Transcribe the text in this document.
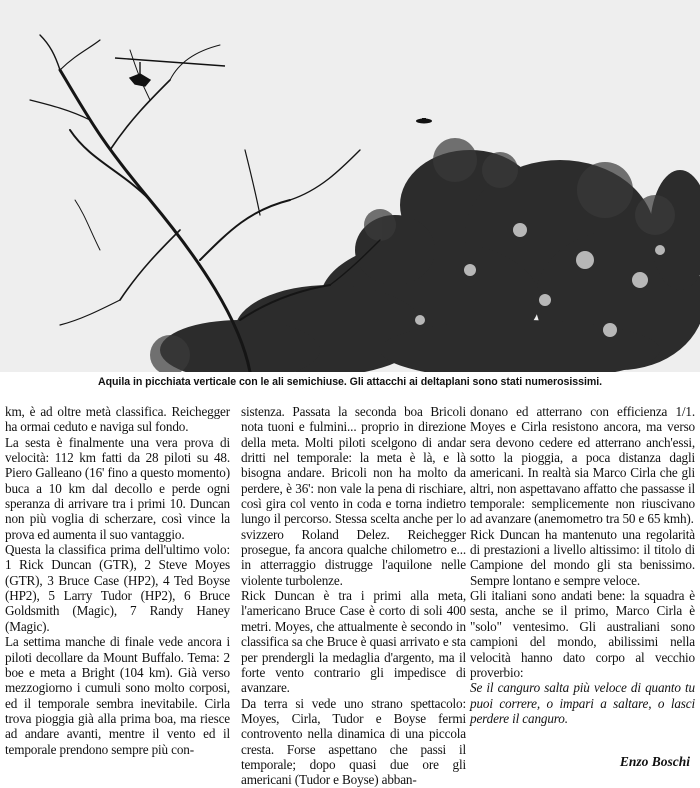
Aquila in picchiata verticale con le ali semichiuse. Gli attacchi ai deltaplani sono stati numerosissimi.

km, è ad oltre metà classifica. Reichegger ha ormai ceduto e naviga sul fondo.

La sesta è finalmente una vera prova di velocità: 112 km fatti da 28 piloti su 48. Piero Galleano (16' fino a questo momento) buca a 10 km dal decollo e perde ogni speranza di arrivare tra i primi 10. Duncan non più voglia di scherzare, così vince la prova ed aumenta il suo vantaggio.

Questa la classifica prima dell'ultimo volo: 1 Rick Duncan (GTR), 2 Steve Moyes (GTR), 3 Bruce Case (HP2), 4 Ted Boyse (HP2), 5 Larry Tudor (HP2), 6 Bruce Goldsmith (Magic), 7 Randy Haney (Magic).

La settima manche di finale vede ancora i piloti decollare da Mount Buffalo. Tema: 2 boe e meta a Bright (104 km). Già verso mezzogiorno i cumuli sono molto corposi, ed il temporale sembra inevitabile. Cirla trova pioggia già alla prima boa, ma riesce ad andare avanti, mentre il vento ed il temporale prendono sempre più con-

sistenza. Passata la seconda boa Bricoli nota tuoni e fulmini... proprio in direzione della meta. Molti piloti scelgono di andar dritti nel temporale: la meta è là, e là bisogna andare. Bricoli non ha molto da perdere, è 36': non vale la pena di rischiare, così gira col vento in coda e torna indietro lungo il percorso. Stessa scelta anche per lo svizzero Roland Delez. Reichegger prosegue, fa ancora qualche chilometro e... in atterraggio distrugge l'aquilone nelle violente turbolenze.

Rick Duncan è tra i primi alla meta, l'americano Bruce Case è corto di soli 400 metri. Moyes, che attualmente è secondo in classifica sa che Bruce è quasi arrivato e sta per prendergli la medaglia d'argento, ma il forte vento contrario gli impedisce di avanzare.

Da terra si vede uno strano spettacolo: Moyes, Cirla, Tudor e Boyse fermi controvento nella dinamica di una piccola cresta. Forse aspettano che passi il temporale; dopo quasi due ore gli americani (Tudor e Boyse) abban-

donano ed atterrano con efficienza 1/1. Moyes e Cirla resistono ancora, ma verso sera devono cedere ed atterrano anch'essi, sotto la pioggia, a poca distanza dagli americani. In realtà sia Marco Cirla che gli altri, non aspettavano affatto che passasse il temporale: semplicemente non riuscivano ad avanzare (anemometro tra 50 e 65 kmh).

Rick Duncan ha mantenuto una regolarità di prestazioni a livello altissimo: il titolo di Campione del mondo gli sta benissimo. Sempre lontano e sempre veloce.

Gli italiani sono andati bene: la squadra è sesta, anche se il primo, Marco Cirla è "solo" ventesimo. Gli australiani sono campioni del mondo, abilissimi nella velocità hanno dato corpo al vecchio proverbio:

Se il canguro salta più veloce di quanto tu puoi correre, o impari a saltare, o lasci perdere il canguro.

Enzo Boschi
